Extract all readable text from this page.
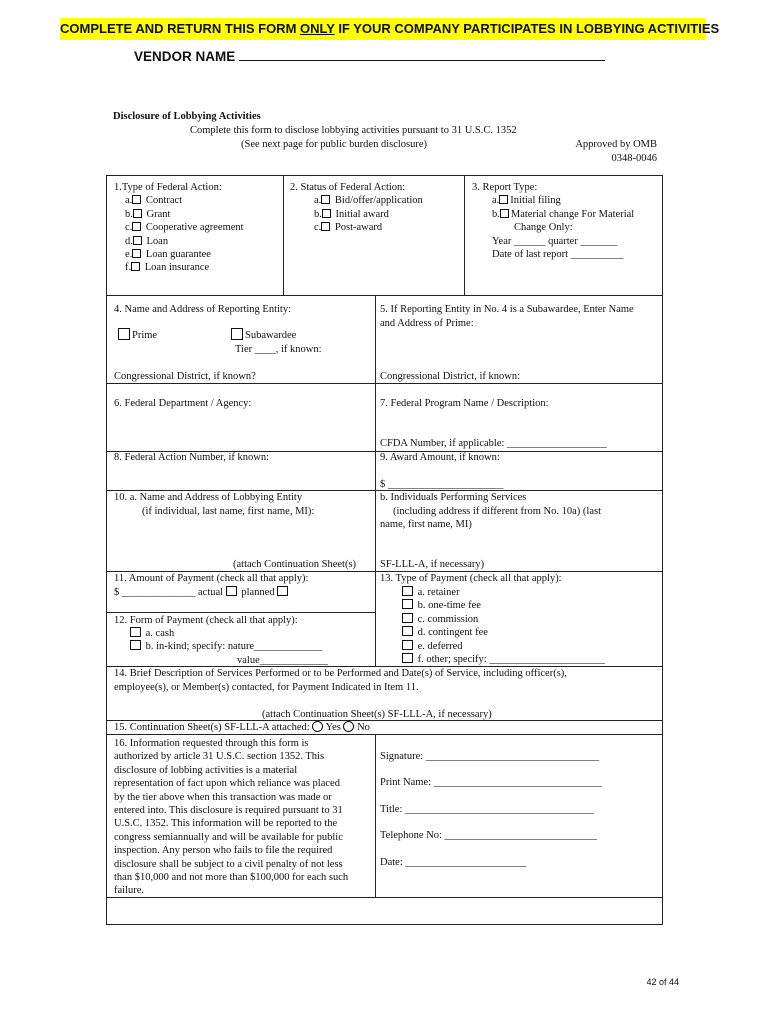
COMPLETE AND RETURN THIS FORM ONLY IF YOUR COMPANY PARTICIPATES IN LOBBYING ACTIVITIES
VENDOR NAME
Disclosure of Lobbying Activities
Complete this form to disclose lobbying activities pursuant to 31 U.S.C. 1352
(See next page for public burden disclosure)	Approved by OMB
0348-0046
1.Type of Federal Action:
a. Contract
b. Grant
c. Cooperative agreement
d. Loan
e. Loan guarantee
f. Loan insurance
2. Status of Federal Action:
a. Bid/offer/application
b. Initial award
c. Post-award
3. Report Type:
a. Initial filing
b. Material change For Material
Change Only:
Year ______ quarter _______
Date of last report __________
4. Name and Address of Reporting Entity:
Prime	Subawardee
Tier ____, if known:
Congressional District, if known?
5. If Reporting Entity in No. 4 is a Subawardee, Enter Name
and Address of Prime:
Congressional District, if known:
6. Federal Department / Agency:	7. Federal Program Name / Description:
CFDA Number, if applicable: ___________________
8. Federal Action Number, if known:	9. Award Amount, if known:
$ ______________________
10. a. Name and Address of Lobbying Entity
(if individual, last name, first name, MI):
(attach Continuation Sheet(s)
b. Individuals Performing Services
(including address if different from No. 10a) (last
name, first name, MI)
SF-LLL-A, if necessary)
11. Amount of Payment (check all that apply):
$ ______________ actual planned
12. Form of Payment (check all that apply):
a. cash
b. in-kind; specify: nature_____________
value_____________
13. Type of Payment (check all that apply):
a. retainer
b. one-time fee
c. commission
d. contingent fee
e. deferred
f. other; specify: ______________________
14. Brief Description of Services Performed or to be Performed and Date(s) of Service, including officer(s),
employee(s), or Member(s) contacted, for Payment Indicated in Item 11.
(attach Continuation Sheet(s) SF-LLL-A, if necessary)
15. Continuation Sheet(s) SF-LLL-A attached: Yes No
16. Information requested through this form is
authorized by article 31 U.S.C. section 1352. This
disclosure of lobbing activities is a material
representation of fact upon which reliance was placed
by the tier above when this transaction was made or
entered into. This disclosure is required pursuant to 31
U.S.C. 1352. This information will be reported to the
congress semiannually and will be available for public
inspection. Any person who fails to file the required
disclosure shall be subject to a civil penalty of not less
than $10,000 and not more than $100,000 for each such
failure.
Signature: _________________________________
Print Name: ________________________________
Title: ____________________________________
Telephone No: _____________________________
Date: _______________________
42 of 44
